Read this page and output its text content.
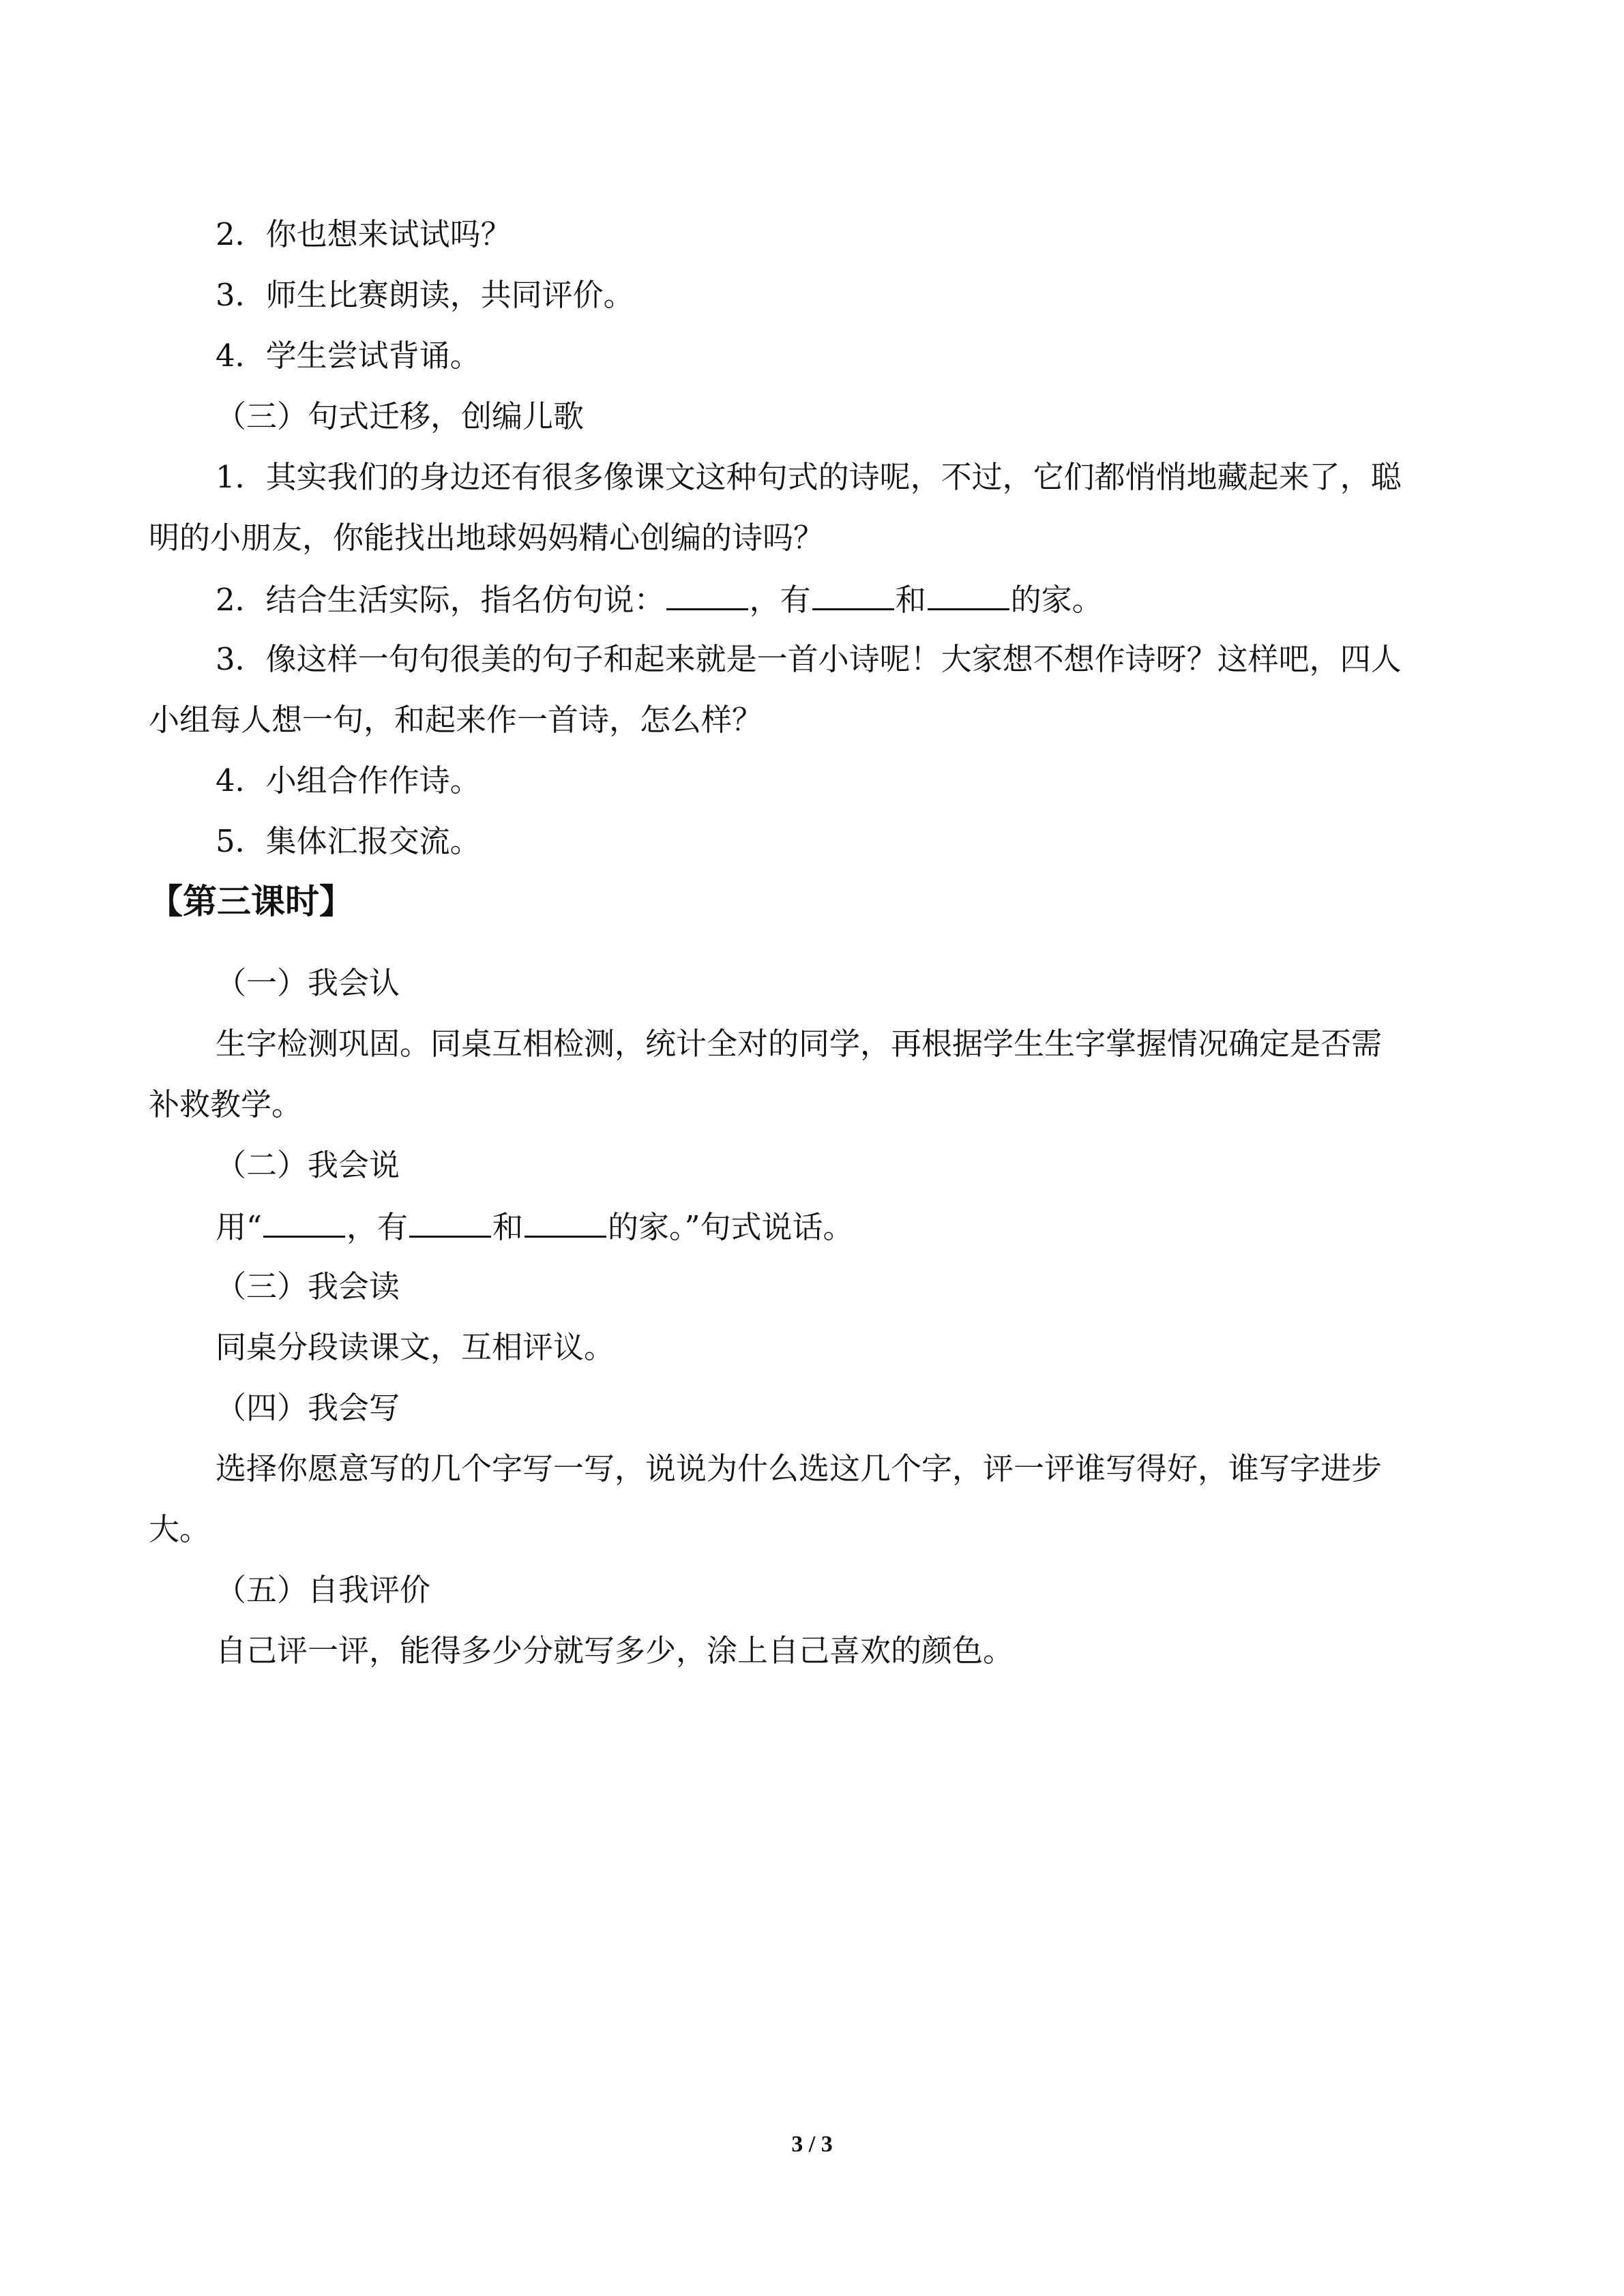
2．你也想来试试吗？
3．师生比赛朗读，共同评价。
4．学生尝试背诵。
（三）句式迁移，创编儿歌
1．其实我们的身边还有很多像课文这种句式的诗呢，不过，它们都悄悄地藏起来了，聪
明的小朋友，你能找出地球妈妈精心创编的诗吗？
2．结合生活实际，指名仿句说：	，有	和	的家。
3．像这样一句句很美的句子和起来就是一首小诗呢！大家想不想作诗呀？这样吧，四人
小组每人想一句，和起来作一首诗，怎么样？
4．小组合作作诗。
5．集体汇报交流。
【第三课时】
（一）我会认
生字检测巩固。同桌互相检测，统计全对的同学，再根据学生生字掌握情况确定是否需
补救教学。
（二）我会说
用“	，有	和	的家。”句式说话。
（三）我会读
同桌分段读课文，互相评议。
（四）我会写
选择你愿意写的几个字写一写，说说为什么选这几个字，评一评谁写得好，谁写字进步
大。
（五）自我评价
自己评一评，能得多少分就写多少，涂上自己喜欢的颜色。
3 / 3
